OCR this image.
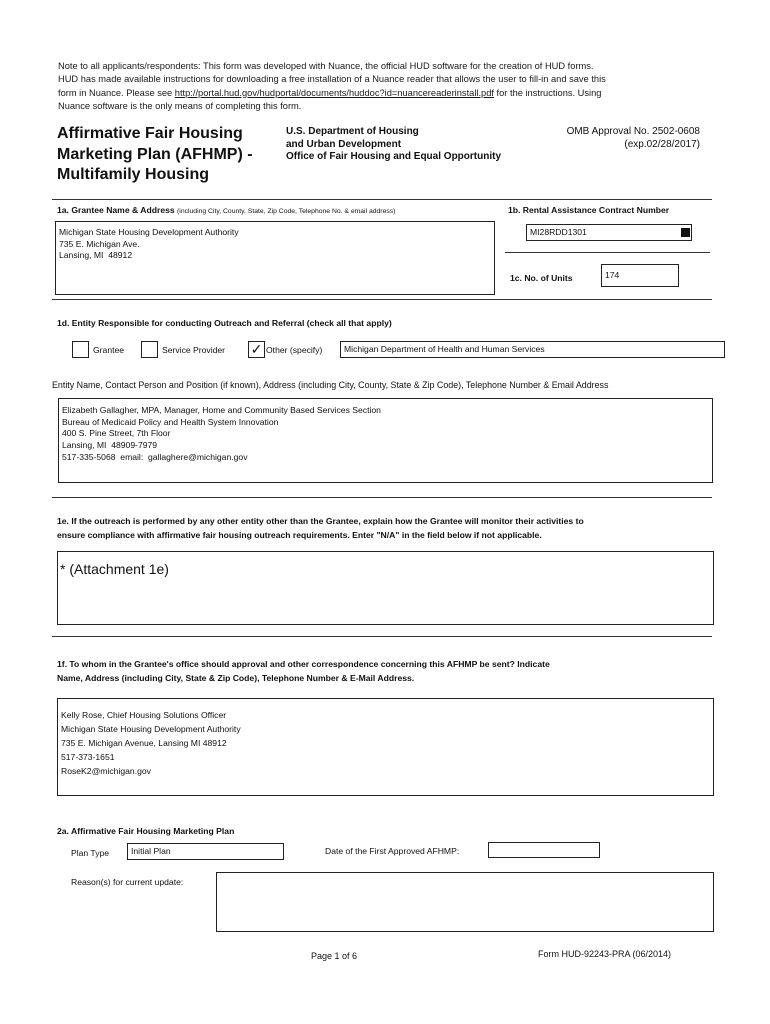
Note to all applicants/respondents: This form was developed with Nuance, the official HUD software for the creation of HUD forms.
HUD has made available instructions for downloading a free installation of a Nuance reader that allows the user to fill-in and save this
form in Nuance. Please see http://portal.hud.gov/hudportal/documents/huddoc?id=nuancereaderinstall.pdf for the instructions. Using
Nuance software is the only means of completing this form.
Affirmative Fair Housing
Marketing Plan (AFHMP) -
Multifamily Housing
U.S. Department of Housing
and Urban Development
Office of Fair Housing and Equal Opportunity
OMB Approval No. 2502-0608
(exp.02/28/2017)
1a. Grantee Name & Address (including City, County, State, Zip Code, Telephone No. & email address)
Michigan State Housing Development Authority
735 E. Michigan Ave.
Lansing, MI  48912
1b. Rental Assistance Contract Number
MI28RDD1301
1c. No. of Units	174
1d. Entity Responsible for conducting Outreach and Referral (check all that apply)
Grantee	Service Provider ✓ Other (specify)	Michigan Department of Health and Human Services
Entity Name, Contact Person and Position (if known), Address (including City, County, State & Zip Code), Telephone Number & Email Address
Elizabeth Gallagher, MPA, Manager, Home and Community Based Services Section
Bureau of Medicaid Policy and Health System Innovation
400 S. Pine Street, 7th Floor
Lansing, MI  48909-7979
517-335-5068  email:  gallagherе@michigan.gov
1e. If the outreach is performed by any other entity other than the Grantee, explain how the Grantee will monitor their activities to
ensure compliance with affirmative fair housing outreach requirements. Enter "N/A" in the field below if not applicable.
* (Attachment 1e)
1f. To whom in the Grantee's office should approval and other correspondence concerning this AFHMP be sent? Indicate
Name, Address (including City, State & Zip Code), Telephone Number & E-Mail Address.
Kelly Rose, Chief Housing Solutions Officer
Michigan State Housing Development Authority
735 E. Michigan Avenue, Lansing MI 48912
517-373-1651
RoseK2@michigan.gov
2a. Affirmative Fair Housing Marketing Plan
Plan Type	Initial Plan	Date of the First Approved AFHMP:
Reason(s) for current update:
Page 1 of 6	Form HUD-92243-PRA (06/2014)
